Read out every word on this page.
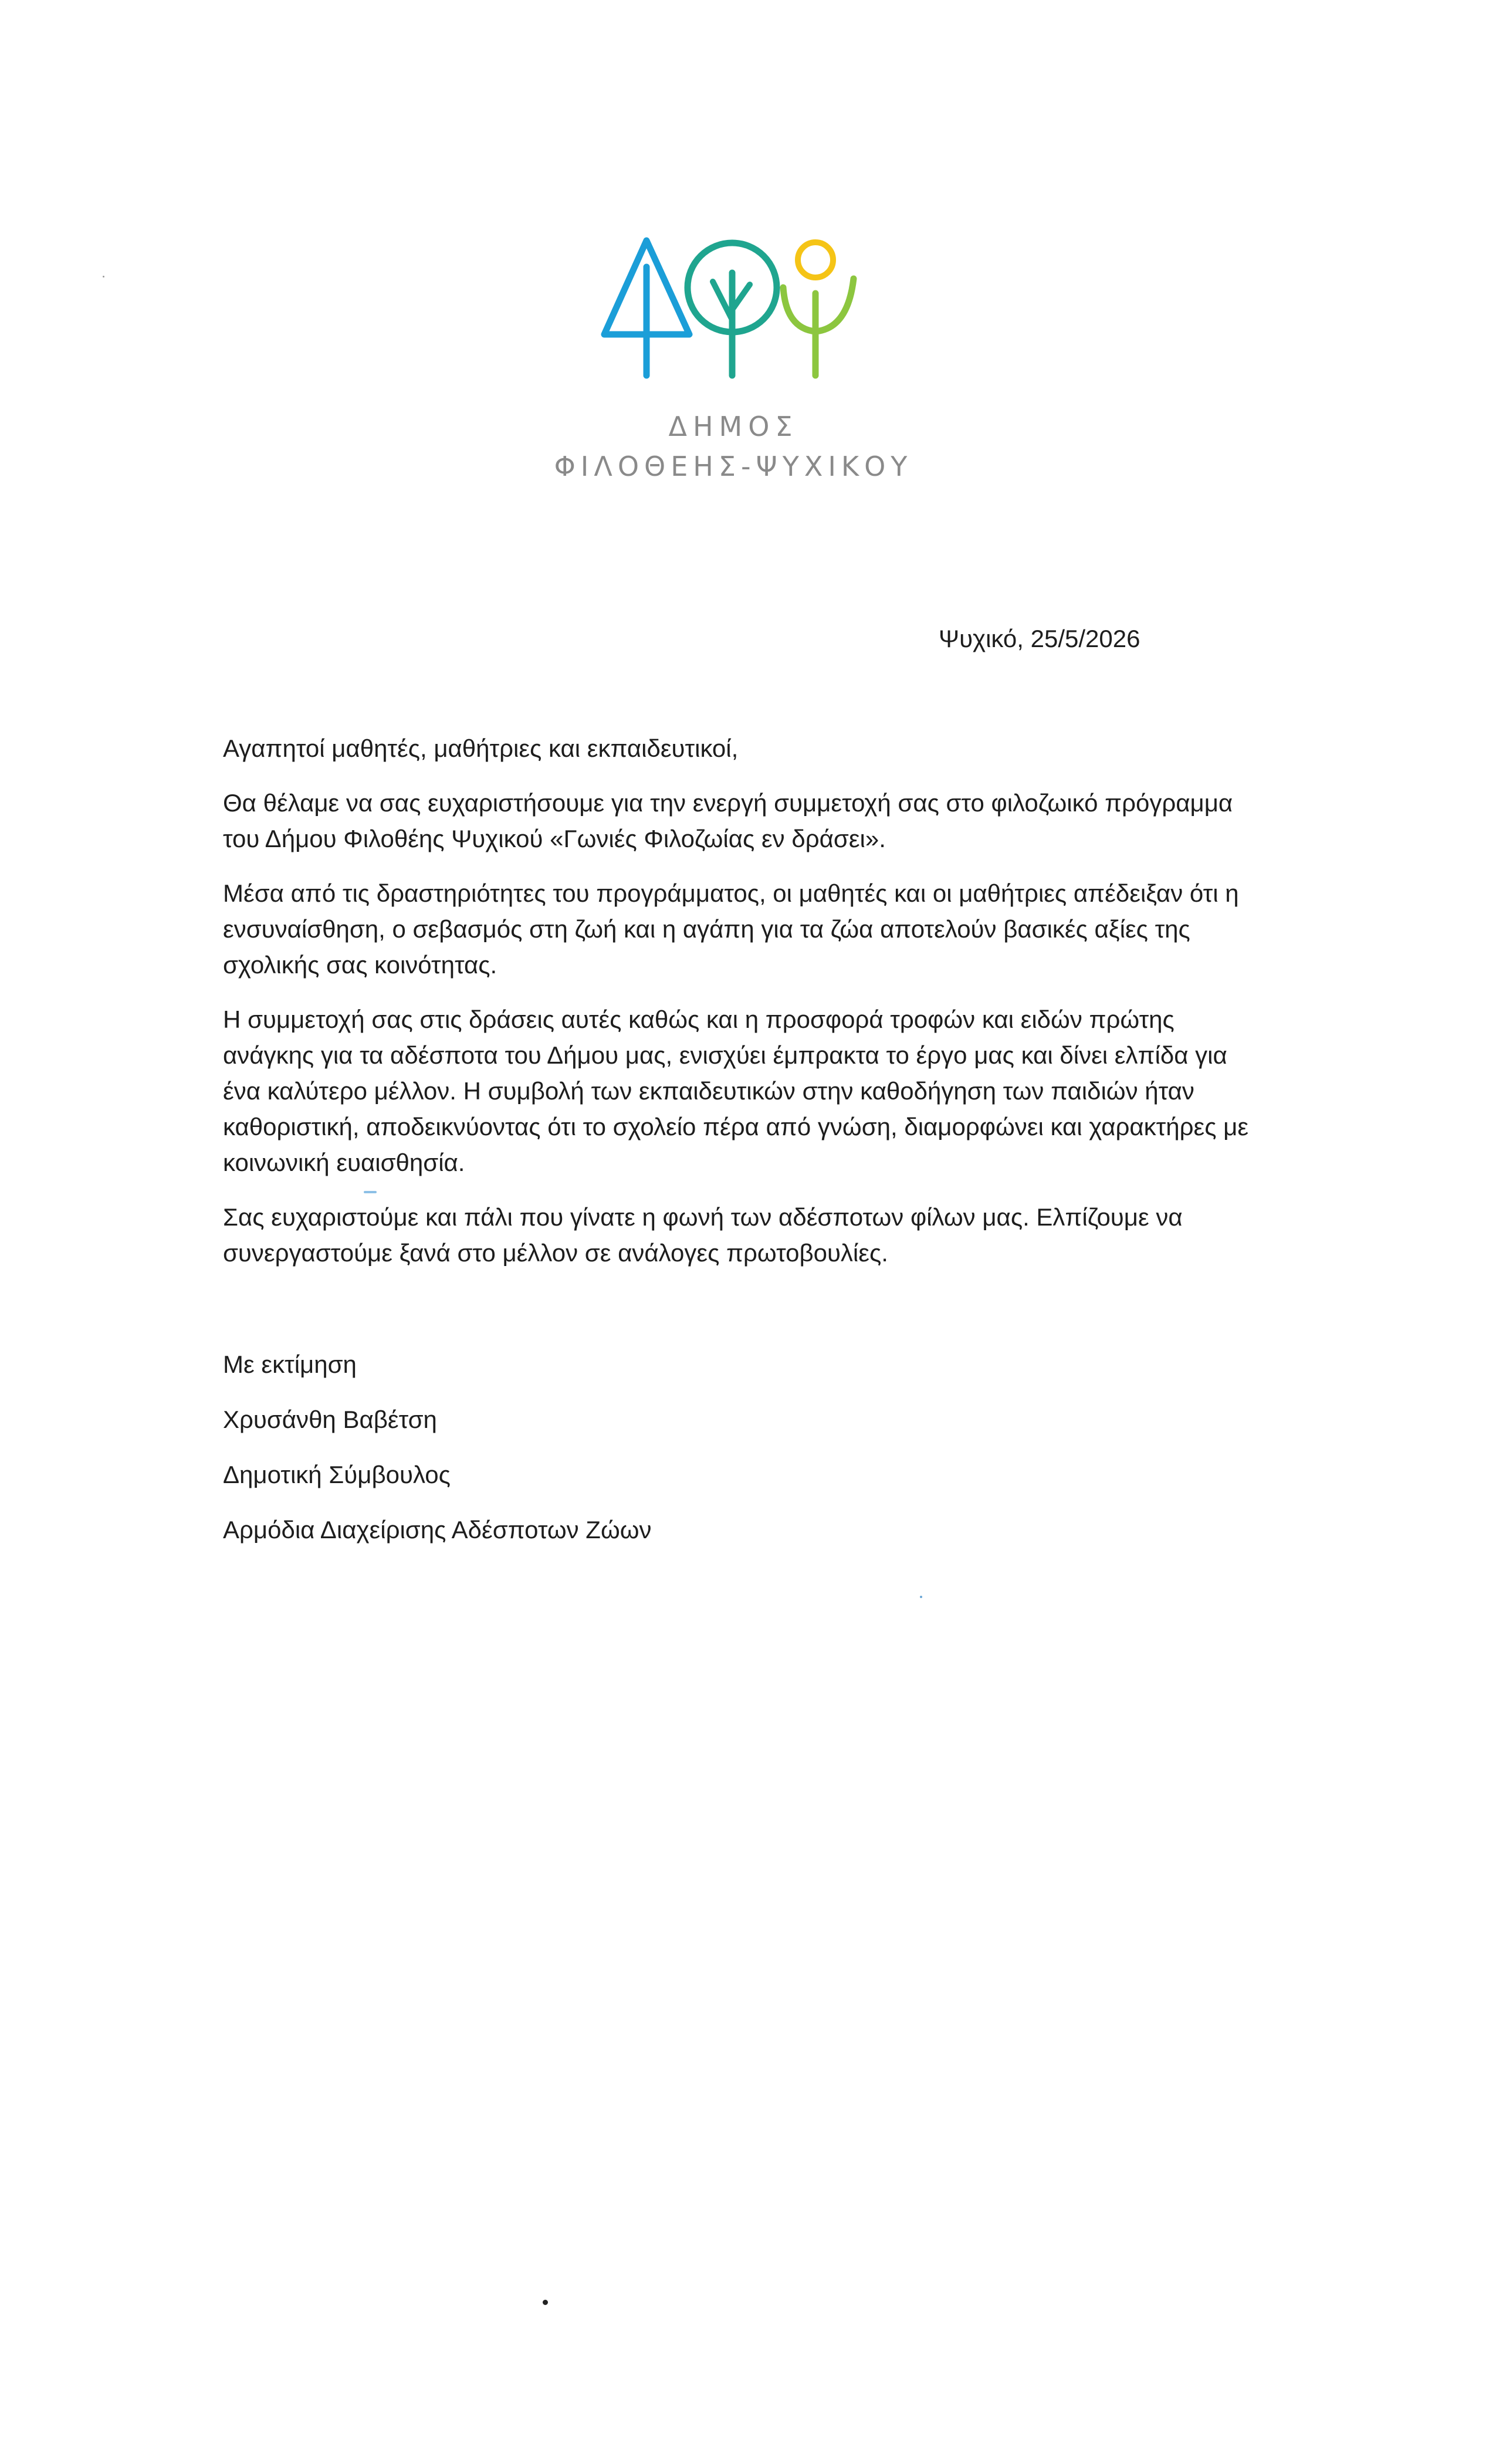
ΔΗΜΟΣ
ΦΙΛΟΘΕΗΣ-ΨΥΧΙΚΟΥ
Ψυχικό, 25/5/2026

Αγαπητοί μαθητές, μαθήτριες και εκπαιδευτικοί,

Θα θέλαμε να σας ευχαριστήσουμε για την ενεργή συμμετοχή σας στο φιλοζωικό πρόγραμμα του Δήμου Φιλοθέης Ψυχικού «Γωνιές Φιλοζωίας εν δράσει».

Μέσα από τις δραστηριότητες του προγράμματος, οι μαθητές και οι μαθήτριες απέδειξαν ότι η ενσυναίσθηση, ο σεβασμός στη ζωή και η αγάπη για τα ζώα αποτελούν βασικές αξίες της σχολικής σας κοινότητας.

Η συμμετοχή σας στις δράσεις αυτές καθώς και η προσφορά τροφών και ειδών πρώτης ανάγκης για τα αδέσποτα του Δήμου μας, ενισχύει έμπρακτα το έργο μας και δίνει ελπίδα για ένα καλύτερο μέλλον. Η συμβολή των εκπαιδευτικών στην καθοδήγηση των παιδιών ήταν καθοριστική, αποδεικνύοντας ότι το σχολείο πέρα από γνώση, διαμορφώνει και χαρακτήρες με κοινωνική ευαισθησία.

Σας ευχαριστούμε και πάλι που γίνατε η φωνή των αδέσποτων φίλων μας. Ελπίζουμε να συνεργαστούμε ξανά στο μέλλον σε ανάλογες πρωτοβουλίες.

Με εκτίμηση
Χρυσάνθη Βαβέτση
Δημοτική Σύμβουλος
Αρμόδια Διαχείρισης Αδέσποτων Ζώων
